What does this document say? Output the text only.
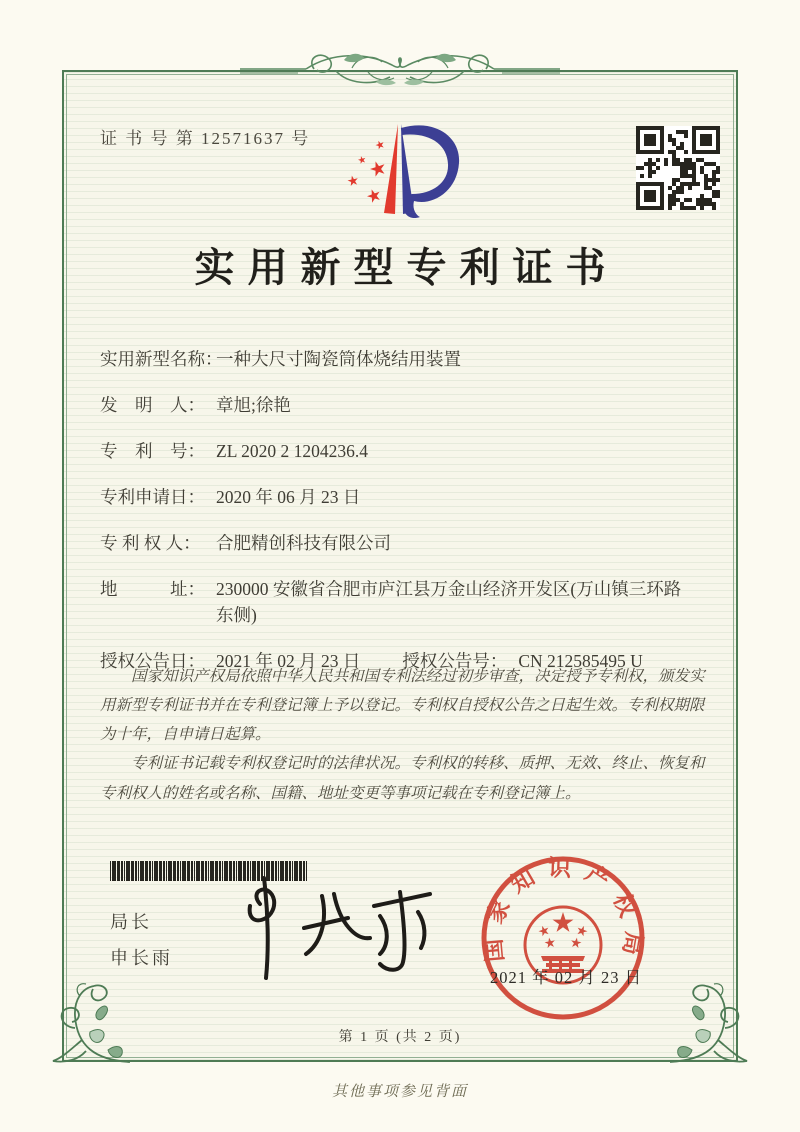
证 书 号 第 12571637 号
实用新型专利证书
实用新型名称：一种大尺寸陶瓷筒体烧结用装置
发　明　人： 章旭;徐艳
专　利　号： ZL 2020 2 1204236.4
专利申请日： 2020 年 06 月 23 日
专 利 权 人： 合肥精创科技有限公司
地　　　址： 230000 安徽省合肥市庐江县万金山经济开发区(万山镇三环路东侧)
授权公告日： 2021 年 02 月 23 日 授权公告号： CN 212585495 U

国家知识产权局依照中华人民共和国专利法经过初步审查，决定授予专利权，颁发实用新型专利证书并在专利登记簿上予以登记。专利权自授权公告之日起生效。专利权期限为十年，自申请日起算。

专利证书记载专利权登记时的法律状况。专利权的转移、质押、无效、终止、恢复和专利权人的姓名或名称、国籍、地址变更等事项记载在专利登记簿上。

局长
申长雨	国家知识产权局
2021 年 02 月 23 日
第 1 页 (共 2 页)
其他事项参见背面
